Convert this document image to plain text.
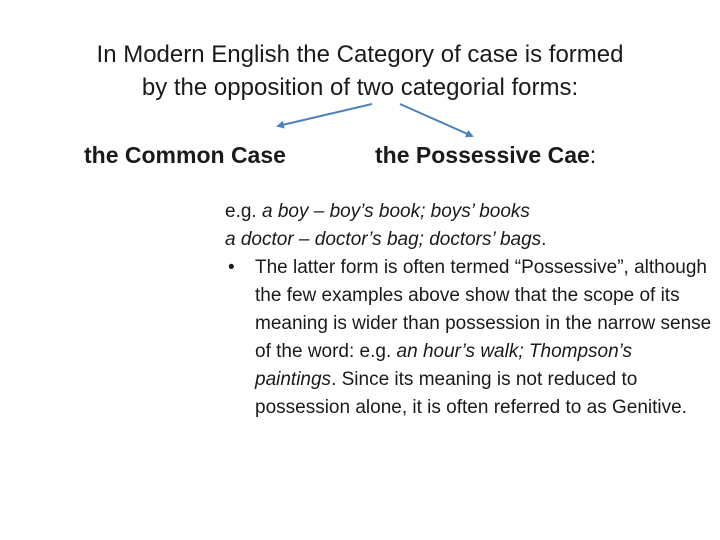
In Modern English the Category of case is formed
by the opposition of two categorial forms:
the Common Case	the Possessive Cae:
e.g. a boy – boy’s book; boys’ books
a doctor – doctor’s bag; doctors’ bags.
• The latter form is often termed “Possessive”, although the few examples above show that the scope of its meaning is wider than possession in the narrow sense of the word: e.g. an hour’s walk; Thompson’s paintings. Since its meaning is not reduced to possession alone, it is often referred to as Genitive.
